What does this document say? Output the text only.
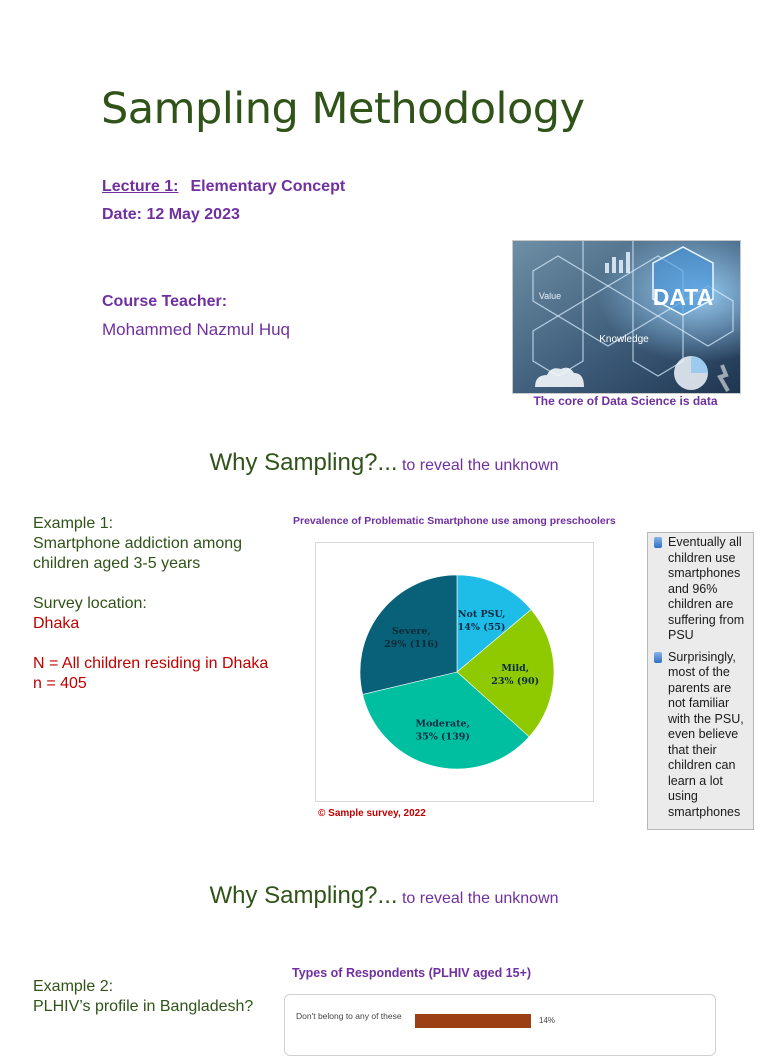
Sampling Methodology
Lecture 1: Elementary Concept
Date: 12 May 2023
Course Teacher:
Mohammed Nazmul Huq
DATA
Value
Knowledge
The core of Data Science is data
Why Sampling?... to reveal the unknown
Example 1:
Smartphone addiction among
children aged 3-5 years
Survey location:
Dhaka
N = All children residing in Dhaka
n = 405
Prevalence of Problematic Smartphone use among preschoolers
Not PSU,
14% (55)
Mild,
23% (90)
Moderate,
35% (139)
Severe,
29% (116)
© Sample survey, 2022
Eventually all children use smartphones and 96% children are suffering from PSU
Surprisingly, most of the parents are not familiar with the PSU, even believe that their children can learn a lot using smartphones
Why Sampling?... to reveal the unknown
Example 2:
PLHIV’s profile in Bangladesh?
Types of Respondents (PLHIV aged 15+)
Don't belong to any of these	14%
